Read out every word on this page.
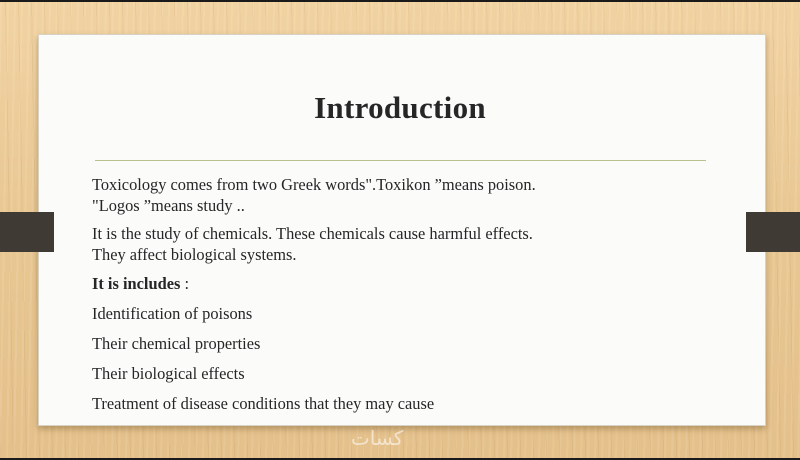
Introduction

Toxicology comes from two Greek words".Toxikon ”means poison.
"Logos ”means study ..

It is the study of chemicals. These chemicals cause harmful effects.
They affect biological systems.

It is includes :

Identification of poisons

Their chemical properties

Their biological effects

Treatment of disease conditions that they may cause

كسات
